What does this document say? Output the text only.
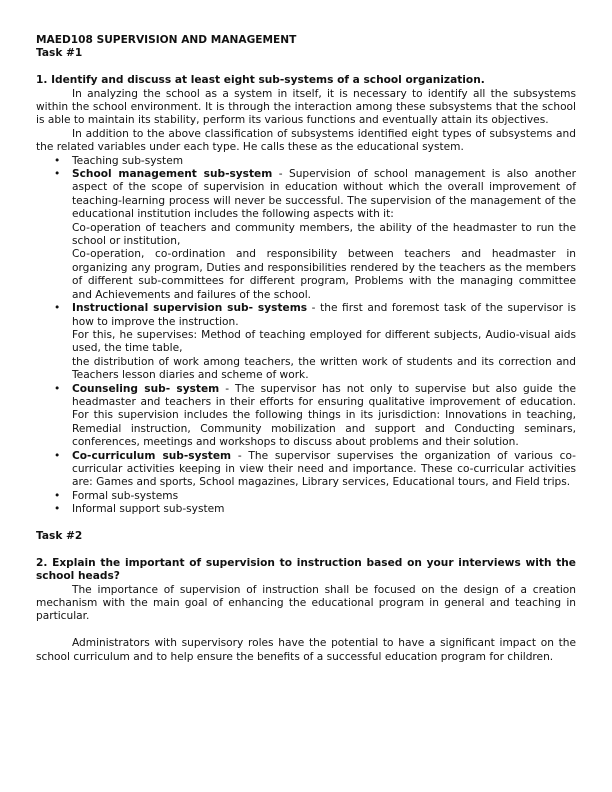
MAED108 SUPERVISION AND MANAGEMENT
Task #1
1. Identify and discuss at least eight sub-systems of a school organization.

In analyzing the school as a system in itself, it is necessary to identify all the subsystems within the school environment. It is through the interaction among these subsystems that the school is able to maintain its stability, perform its various functions and eventually attain its objectives.

In addition to the above classification of subsystems identified eight types of subsystems and the related variables under each type. He calls these as the educational system.

• Teaching sub-system
• School management sub-system - Supervision of school management is also another aspect of the scope of supervision in education without which the overall improvement of teaching-learning process will never be successful. The supervision of the management of the educational institution includes the following aspects with it:
Co-operation of teachers and community members, the ability of the headmaster to run the school or institution,
Co-operation, co-ordination and responsibility between teachers and headmaster in organizing any program, Duties and responsibilities rendered by the teachers as the members of different sub-committees for different program, Problems with the managing committee and Achievements and failures of the school.
• Instructional supervision sub- systems - the first and foremost task of the supervisor is how to improve the instruction.
For this, he supervises: Method of teaching employed for different subjects, Audio-visual aids used, the time table,
the distribution of work among teachers, the written work of students and its correction and Teachers lesson diaries and scheme of work.
• Counseling sub- system - The supervisor has not only to supervise but also guide the headmaster and teachers in their efforts for ensuring qualitative improvement of education. For this supervision includes the following things in its jurisdiction: Innovations in teaching, Remedial instruction, Community mobilization and support and Conducting seminars, conferences, meetings and workshops to discuss about problems and their solution.
• Co-curriculum sub-system - The supervisor supervises the organization of various co- curricular activities keeping in view their need and importance. These co-curricular activities are: Games and sports, School magazines, Library services, Educational tours, and Field trips.
• Formal sub-systems
• Informal support sub-system
Task #2

2. Explain the important of supervision to instruction based on your interviews with the school heads?

The importance of supervision of instruction shall be focused on the design of a creation mechanism with the main goal of enhancing the educational program in general and teaching in particular.

Administrators with supervisory roles have the potential to have a significant impact on the school curriculum and to help ensure the benefits of a successful education program for children.
